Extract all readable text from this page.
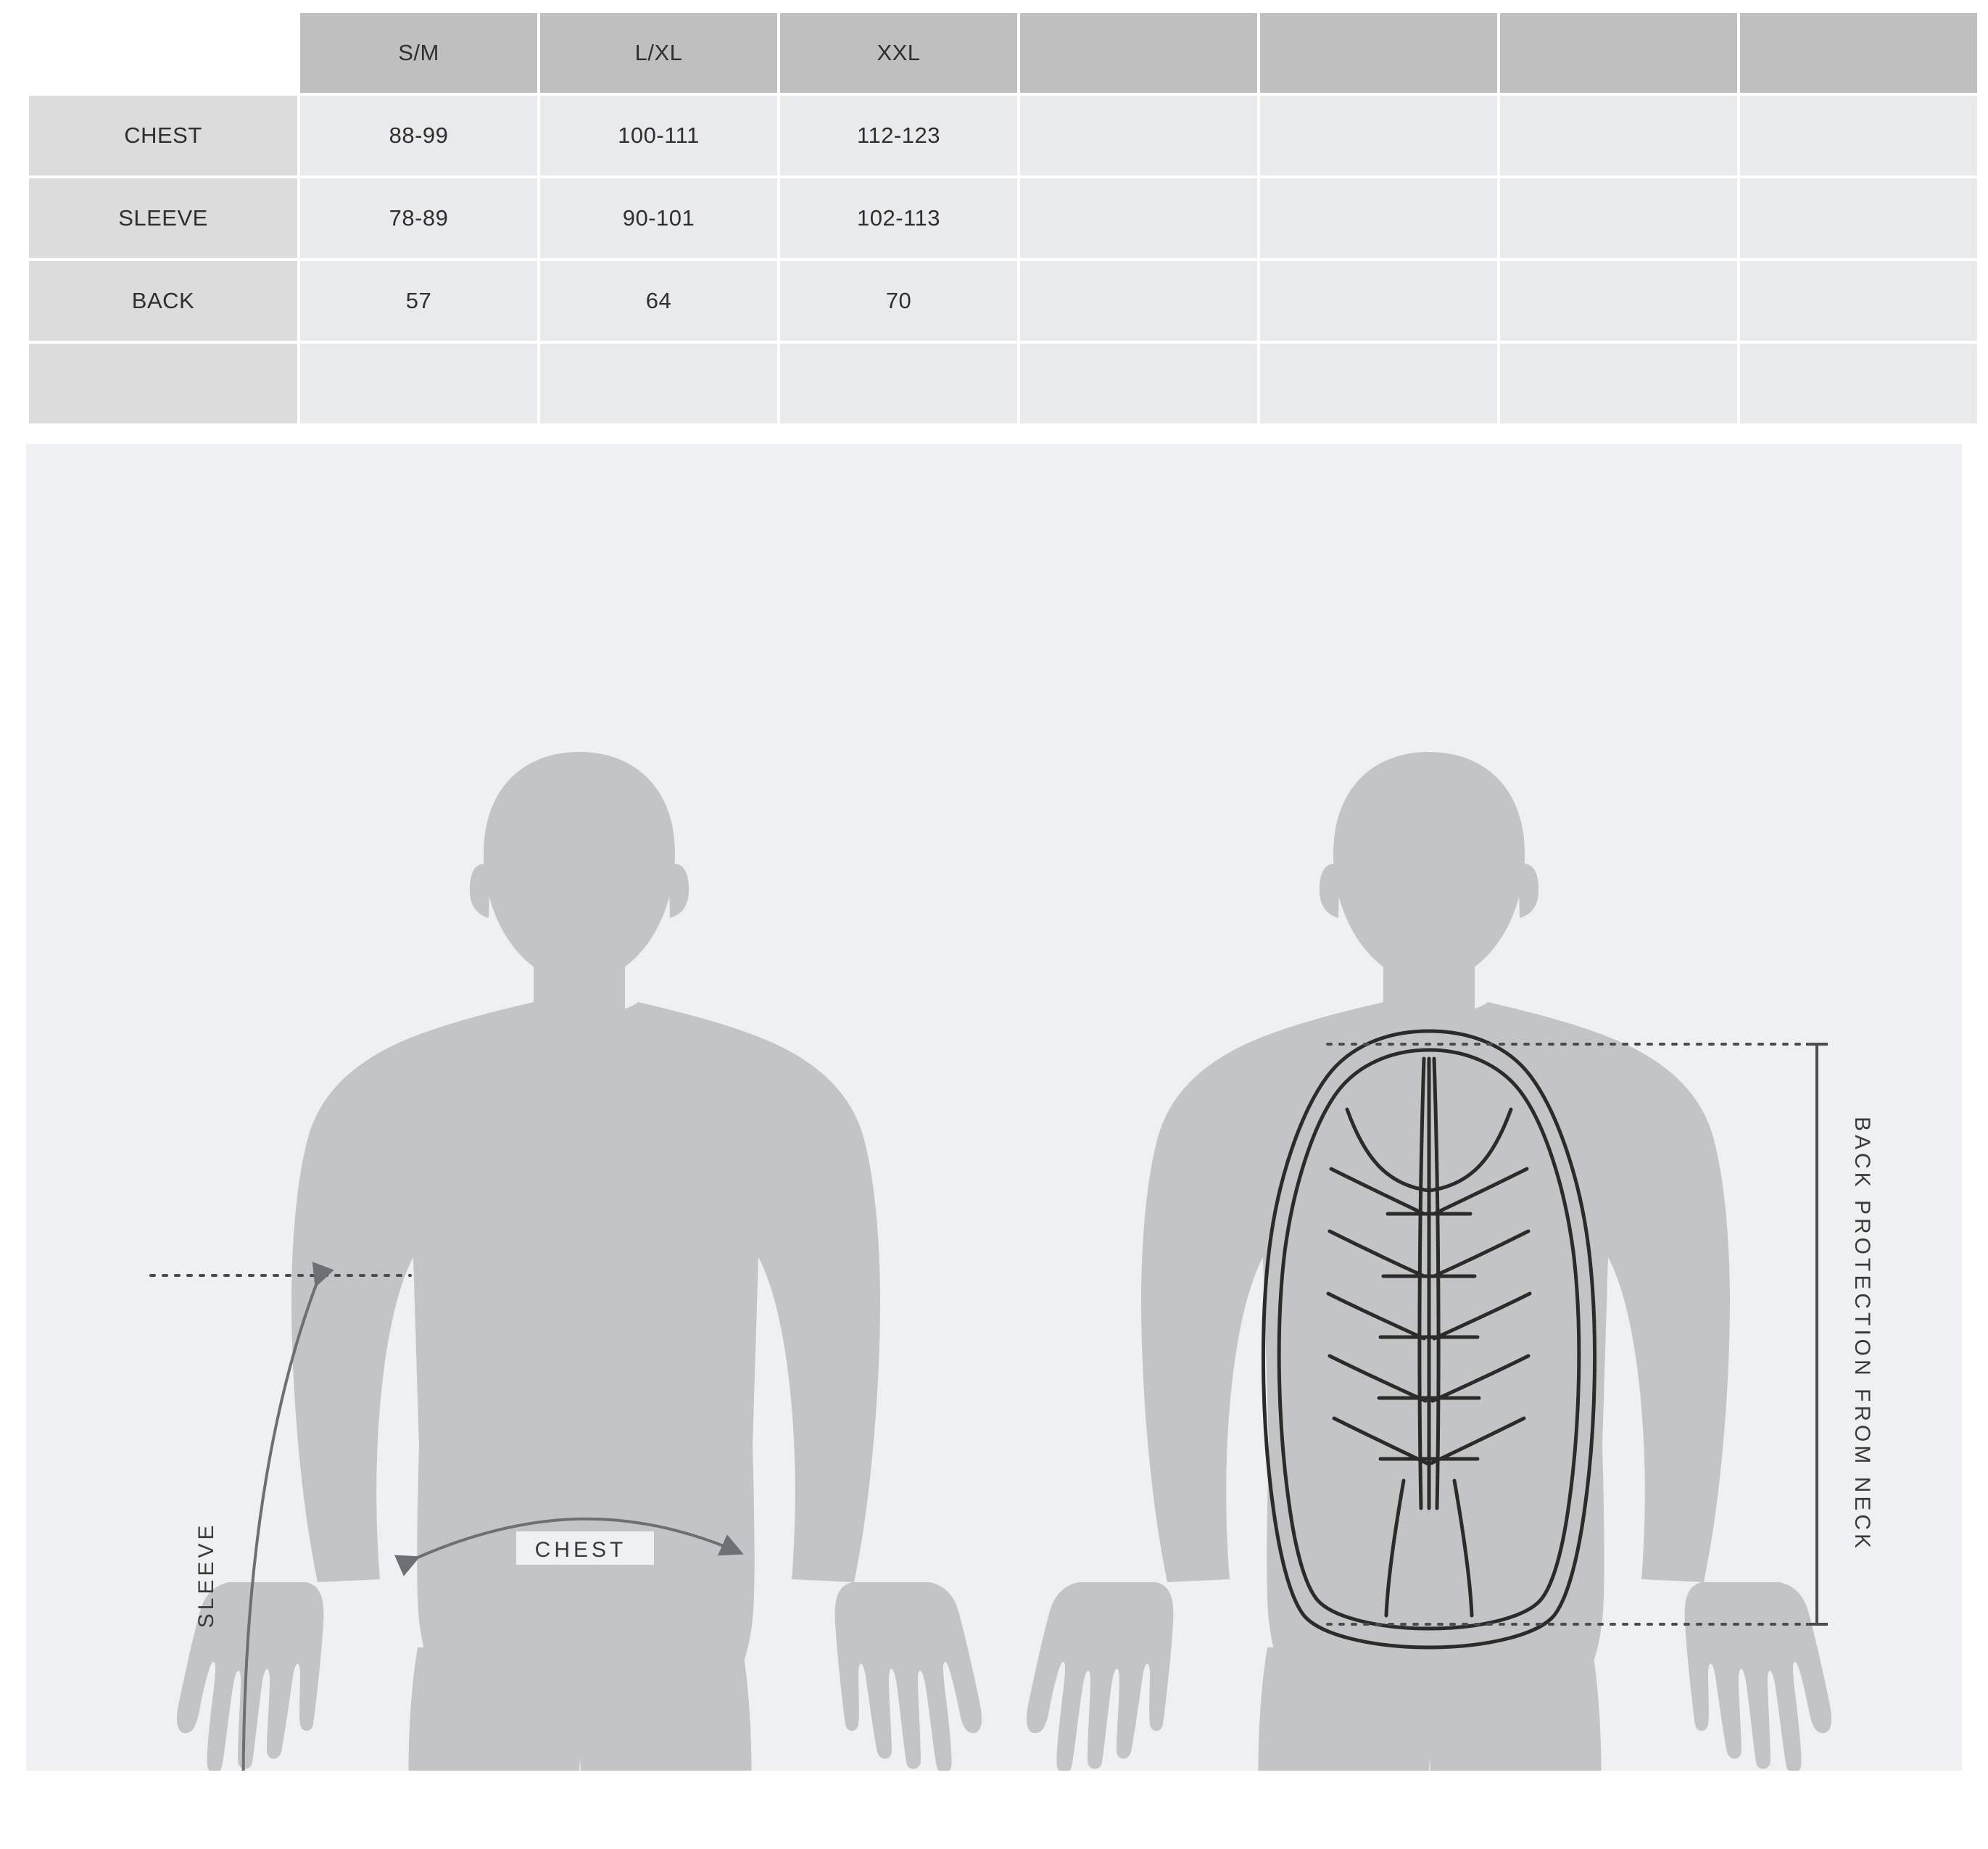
	S/M	L/XL	XXL				
CHEST	88-99	100-111	112-123				
SLEEVE	78-89	90-101	102-113				
BACK	57	64	70				

SLEEVE	CHEST	BACK PROTECTION FROM NECK
